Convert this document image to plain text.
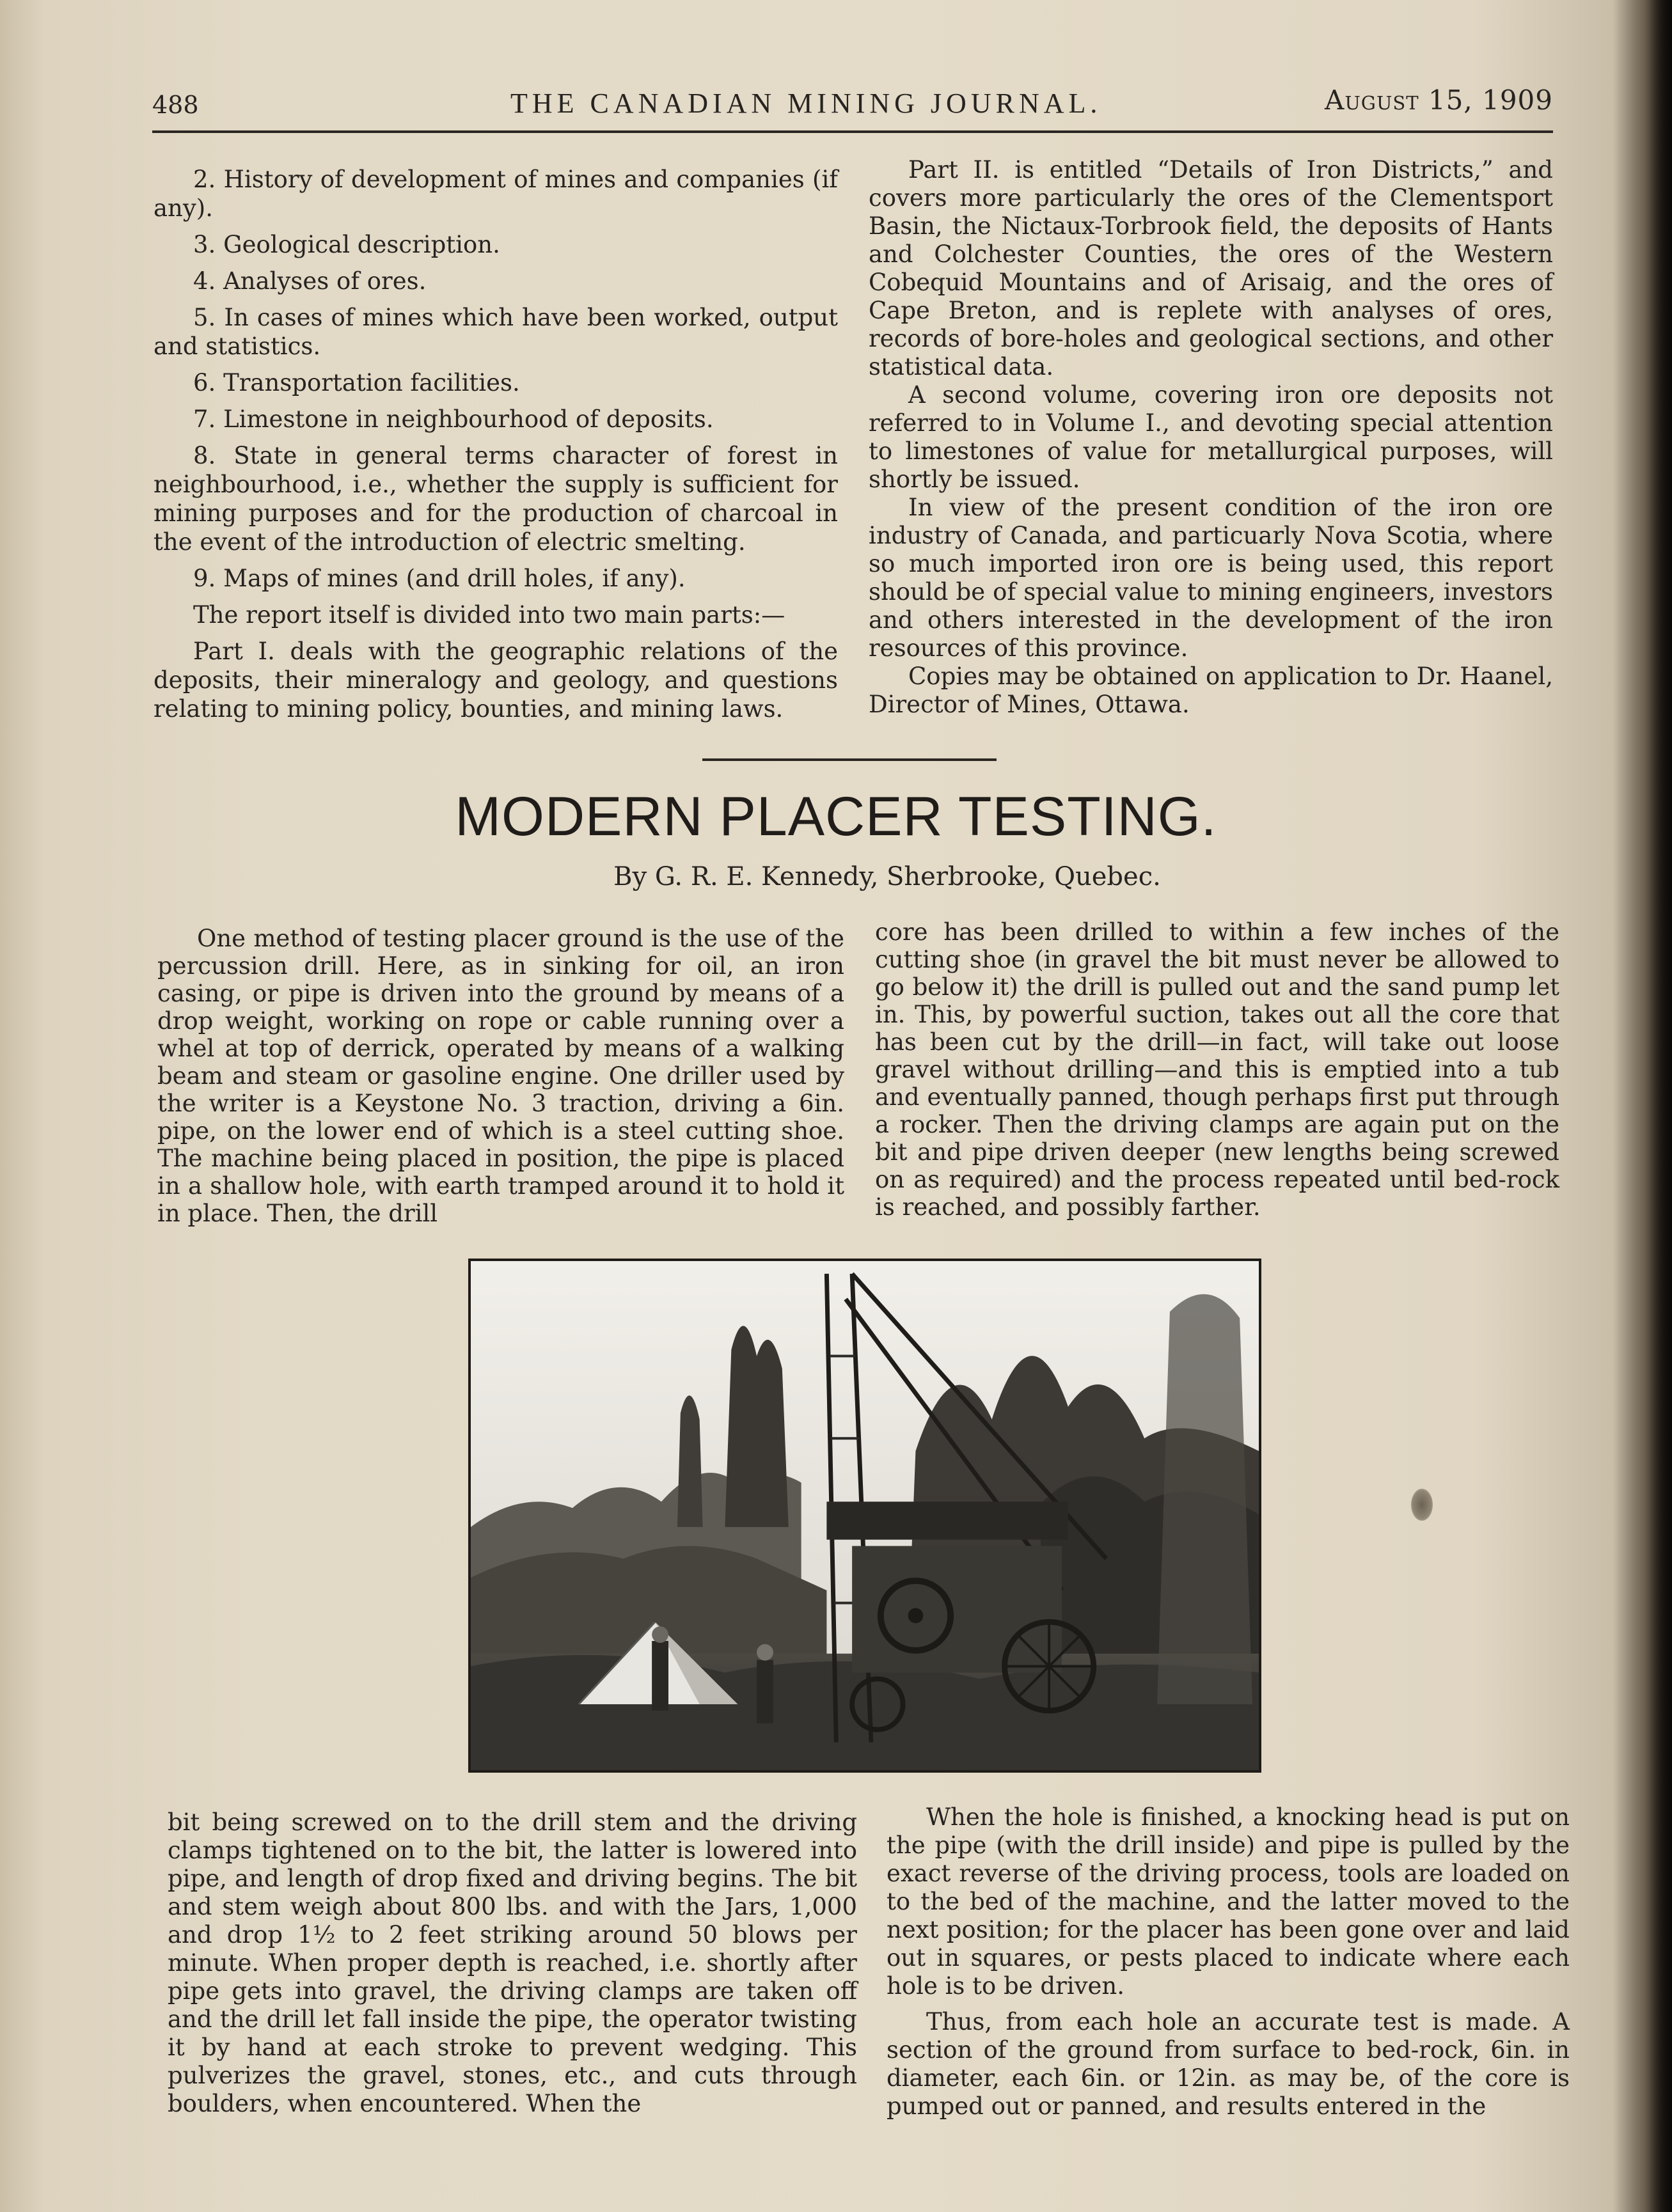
488	THE CANADIAN MINING JOURNAL.	August 15, 1909

2. History of development of mines and companies (if any).

3. Geological description.

4. Analyses of ores.

5. In cases of mines which have been worked, output and statistics.

6. Transportation facilities.

7. Limestone in neighbourhood of deposits.

8. State in general terms character of forest in neighbourhood, i.e., whether the supply is sufficient for mining purposes and for the production of charcoal in the event of the introduction of electric smelting.

9. Maps of mines (and drill holes, if any).

The report itself is divided into two main parts:—

Part I. deals with the geographic relations of the deposits, their mineralogy and geology, and questions relating to mining policy, bounties, and mining laws.

Part II. is entitled “Details of Iron Districts,” and covers more particularly the ores of the Clementsport Basin, the Nictaux-Torbrook field, the deposits of Hants and Colchester Counties, the ores of the Western Cobequid Mountains and of Arisaig, and the ores of Cape Breton, and is replete with analyses of ores, records of bore-holes and geological sections, and other statistical data.

A second volume, covering iron ore deposits not referred to in Volume I., and devoting special attention to limestones of value for metallurgical purposes, will shortly be issued.

In view of the present condition of the iron ore industry of Canada, and particuarly Nova Scotia, where so much imported iron ore is being used, this report should be of special value to mining engineers, investors and others interested in the development of the iron resources of this province.

Copies may be obtained on application to Dr. Haanel, Director of Mines, Ottawa.

MODERN PLACER TESTING.
By G. R. E. Kennedy, Sherbrooke, Quebec.

One method of testing placer ground is the use of the percussion drill. Here, as in sinking for oil, an iron casing, or pipe is driven into the ground by means of a drop weight, working on rope or cable running over a whel at top of derrick, operated by means of a walking beam and steam or gasoline engine. One driller used by the writer is a Keystone No. 3 traction, driving a 6in. pipe, on the lower end of which is a steel cutting shoe. The machine being placed in position, the pipe is placed in a shallow hole, with earth tramped around it to hold it in place. Then, the drill

core has been drilled to within a few inches of the cutting shoe (in gravel the bit must never be allowed to go below it) the drill is pulled out and the sand pump let in. This, by powerful suction, takes out all the core that has been cut by the drill—in fact, will take out loose gravel without drilling—and this is emptied into a tub and eventually panned, though perhaps first put through a rocker. Then the driving clamps are again put on the bit and pipe driven deeper (new lengths being screwed on as required) and the process repeated until bed-rock is reached, and possibly farther.

bit being screwed on to the drill stem and the driving clamps tightened on to the bit, the latter is lowered into pipe, and length of drop fixed and driving begins. The bit and stem weigh about 800 lbs. and with the Jars, 1,000 and drop 1½ to 2 feet striking around 50 blows per minute. When proper depth is reached, i.e. shortly after pipe gets into gravel, the driving clamps are taken off and the drill let fall inside the pipe, the operator twisting it by hand at each stroke to prevent wedging. This pulverizes the gravel, stones, etc., and cuts through boulders, when encountered. When the

When the hole is finished, a knocking head is put on the pipe (with the drill inside) and pipe is pulled by the exact reverse of the driving process, tools are loaded on to the bed of the machine, and the latter moved to the next position; for the placer has been gone over and laid out in squares, or pests placed to indicate where each hole is to be driven.

Thus, from each hole an accurate test is made. A section of the ground from surface to bed-rock, 6in. in diameter, each 6in. or 12in. as may be, of the core is pumped out or panned, and results entered in the
